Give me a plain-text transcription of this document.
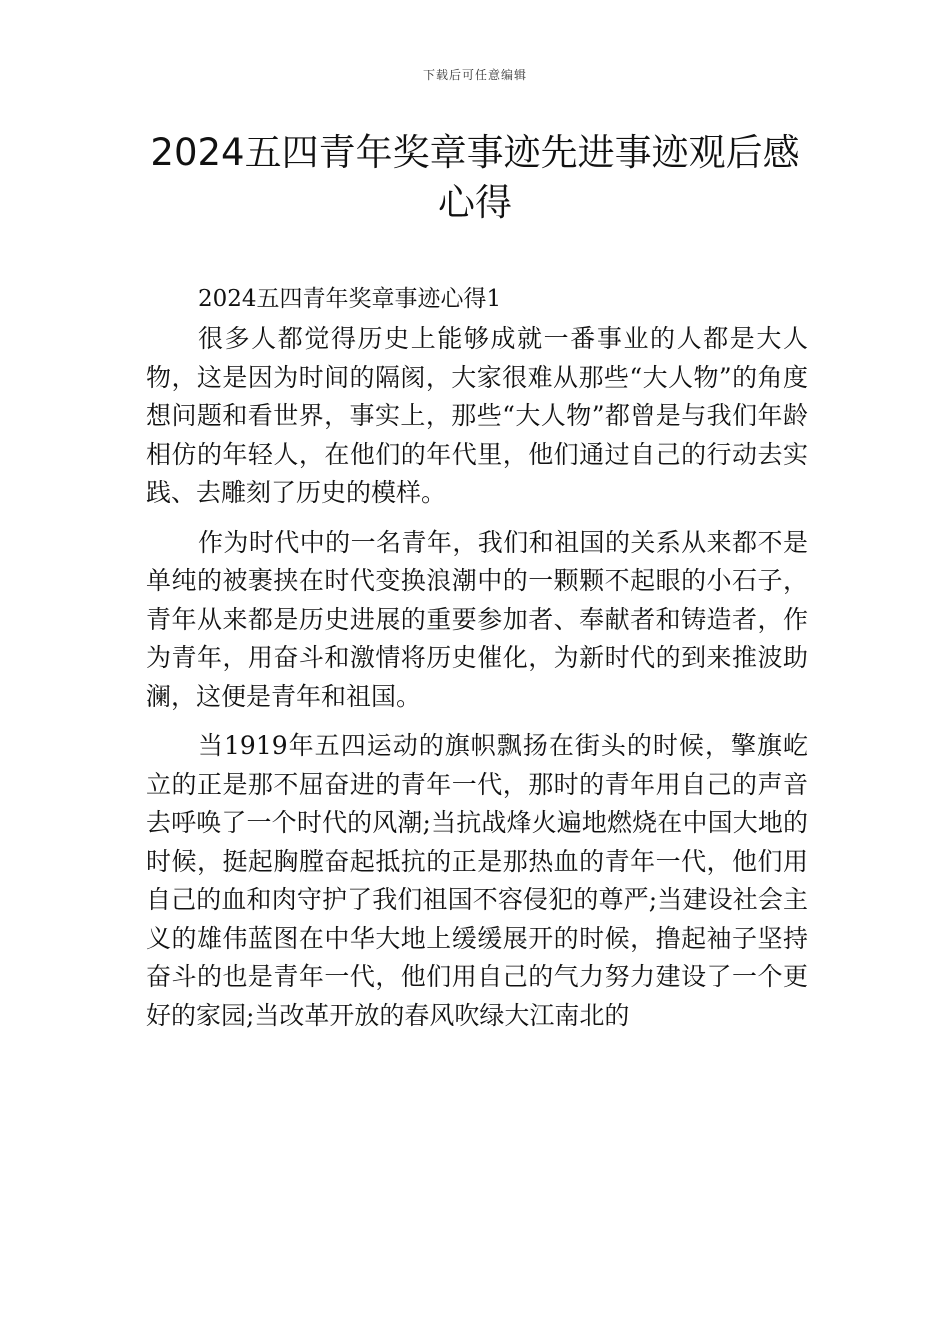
下载后可任意编辑
2024五四青年奖章事迹先进事迹观后感心得

2024五四青年奖章事迹心得1

很多人都觉得历史上能够成就一番事业的人都是大人物，这是因为时间的隔阂，大家很难从那些“大人物”的角度想问题和看世界，事实上，那些“大人物”都曾是与我们年龄相仿的年轻人，在他们的年代里，他们通过自己的行动去实践、去雕刻了历史的模样。

作为时代中的一名青年，我们和祖国的关系从来都不是单纯的被裹挟在时代变换浪潮中的一颗颗不起眼的小石子，青年从来都是历史进展的重要参加者、奉献者和铸造者，作为青年，用奋斗和激情将历史催化，为新时代的到来推波助澜，这便是青年和祖国。

当1919年五四运动的旗帜飘扬在街头的时候，擎旗屹立的正是那不屈奋进的青年一代，那时的青年用自己的声音去呼唤了一个时代的风潮;当抗战烽火遍地燃烧在中国大地的时候，挺起胸膛奋起抵抗的正是那热血的青年一代，他们用自己的血和肉守护了我们祖国不容侵犯的尊严;当建设社会主义的雄伟蓝图在中华大地上缓缓展开的时候，撸起袖子坚持奋斗的也是青年一代，他们用自己的气力努力建设了一个更好的家园;当改革开放的春风吹绿大江南北的
